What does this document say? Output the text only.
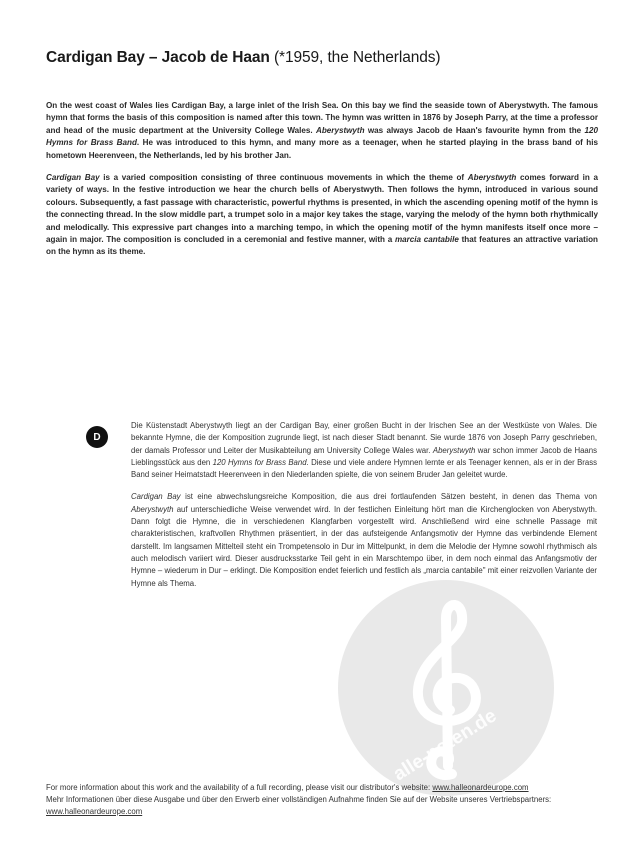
alle-noten.de
Cardigan Bay – Jacob de Haan (*1959, the Netherlands)

On the west coast of Wales lies Cardigan Bay, a large inlet of the Irish Sea. On this bay we find the seaside town of Aberystwyth. The famous hymn that forms the basis of this composition is named after this town. The hymn was written in 1876 by Joseph Parry, at the time a professor and head of the music department at the University College Wales. Aberystwyth was always Jacob de Haan's favourite hymn from the 120 Hymns for Brass Band. He was introduced to this hymn, and many more as a teenager, when he started playing in the brass band of his hometown Heerenveen, the Netherlands, led by his brother Jan.

Cardigan Bay is a varied composition consisting of three continuous movements in which the theme of Aberystwyth comes forward in a variety of ways. In the festive introduction we hear the church bells of Aberystwyth. Then follows the hymn, introduced in various sound colours. Subsequently, a fast passage with characteristic, powerful rhythms is presented, in which the ascending opening motif of the hymn is the connecting thread. In the slow middle part, a trumpet solo in a major key takes the stage, varying the melody of the hymn both rhythmically and melodically. This expressive part changes into a marching tempo, in which the opening motif of the hymn manifests itself once more – again in major. The composition is concluded in a ceremonial and festive manner, with a marcia cantabile that features an attractive variation on the hymn as its theme.

D

Die Küstenstadt Aberystwyth liegt an der Cardigan Bay, einer großen Bucht in der Irischen See an der Westküste von Wales. Die bekannte Hymne, die der Komposition zugrunde liegt, ist nach dieser Stadt benannt. Sie wurde 1876 von Joseph Parry geschrieben, der damals Professor und Leiter der Musikabteilung am University College Wales war. Aberystwyth war schon immer Jacob de Haans Lieblingsstück aus den 120 Hymns for Brass Band. Diese und viele andere Hymnen lernte er als Teenager kennen, als er in der Brass Band seiner Heimatstadt Heerenveen in den Niederlanden spielte, die von seinem Bruder Jan geleitet wurde.

Cardigan Bay ist eine abwechslungsreiche Komposition, die aus drei fortlaufenden Sätzen besteht, in denen das Thema von Aberystwyth auf unterschiedliche Weise verwendet wird. In der festlichen Einleitung hört man die Kirchenglocken von Aberystwyth. Dann folgt die Hymne, die in verschiedenen Klangfarben vorgestellt wird. Anschließend wird eine schnelle Passage mit charakteristischen, kraftvollen Rhythmen präsentiert, in der das aufsteigende Anfangsmotiv der Hymne das verbindende Element darstellt. Im langsamen Mittelteil steht ein Trompetensolo in Dur im Mittelpunkt, in dem die Melodie der Hymne sowohl rhythmisch als auch melodisch variiert wird. Dieser ausdrucksstarke Teil geht in ein Marschtempo über, in dem noch einmal das Anfangsmotiv der Hymne – wiederum in Dur – erklingt. Die Komposition endet feierlich und festlich als „marcia cantabile" mit einer reizvollen Variante der Hymne als Thema.

For more information about this work and the availability of a full recording, please visit our distributor's website: www.halleonardeurope.com
Mehr Informationen über diese Ausgabe und über den Erwerb einer vollständigen Aufnahme finden Sie auf der Website unseres Vertriebspartners: www.halleonardeurope.com
